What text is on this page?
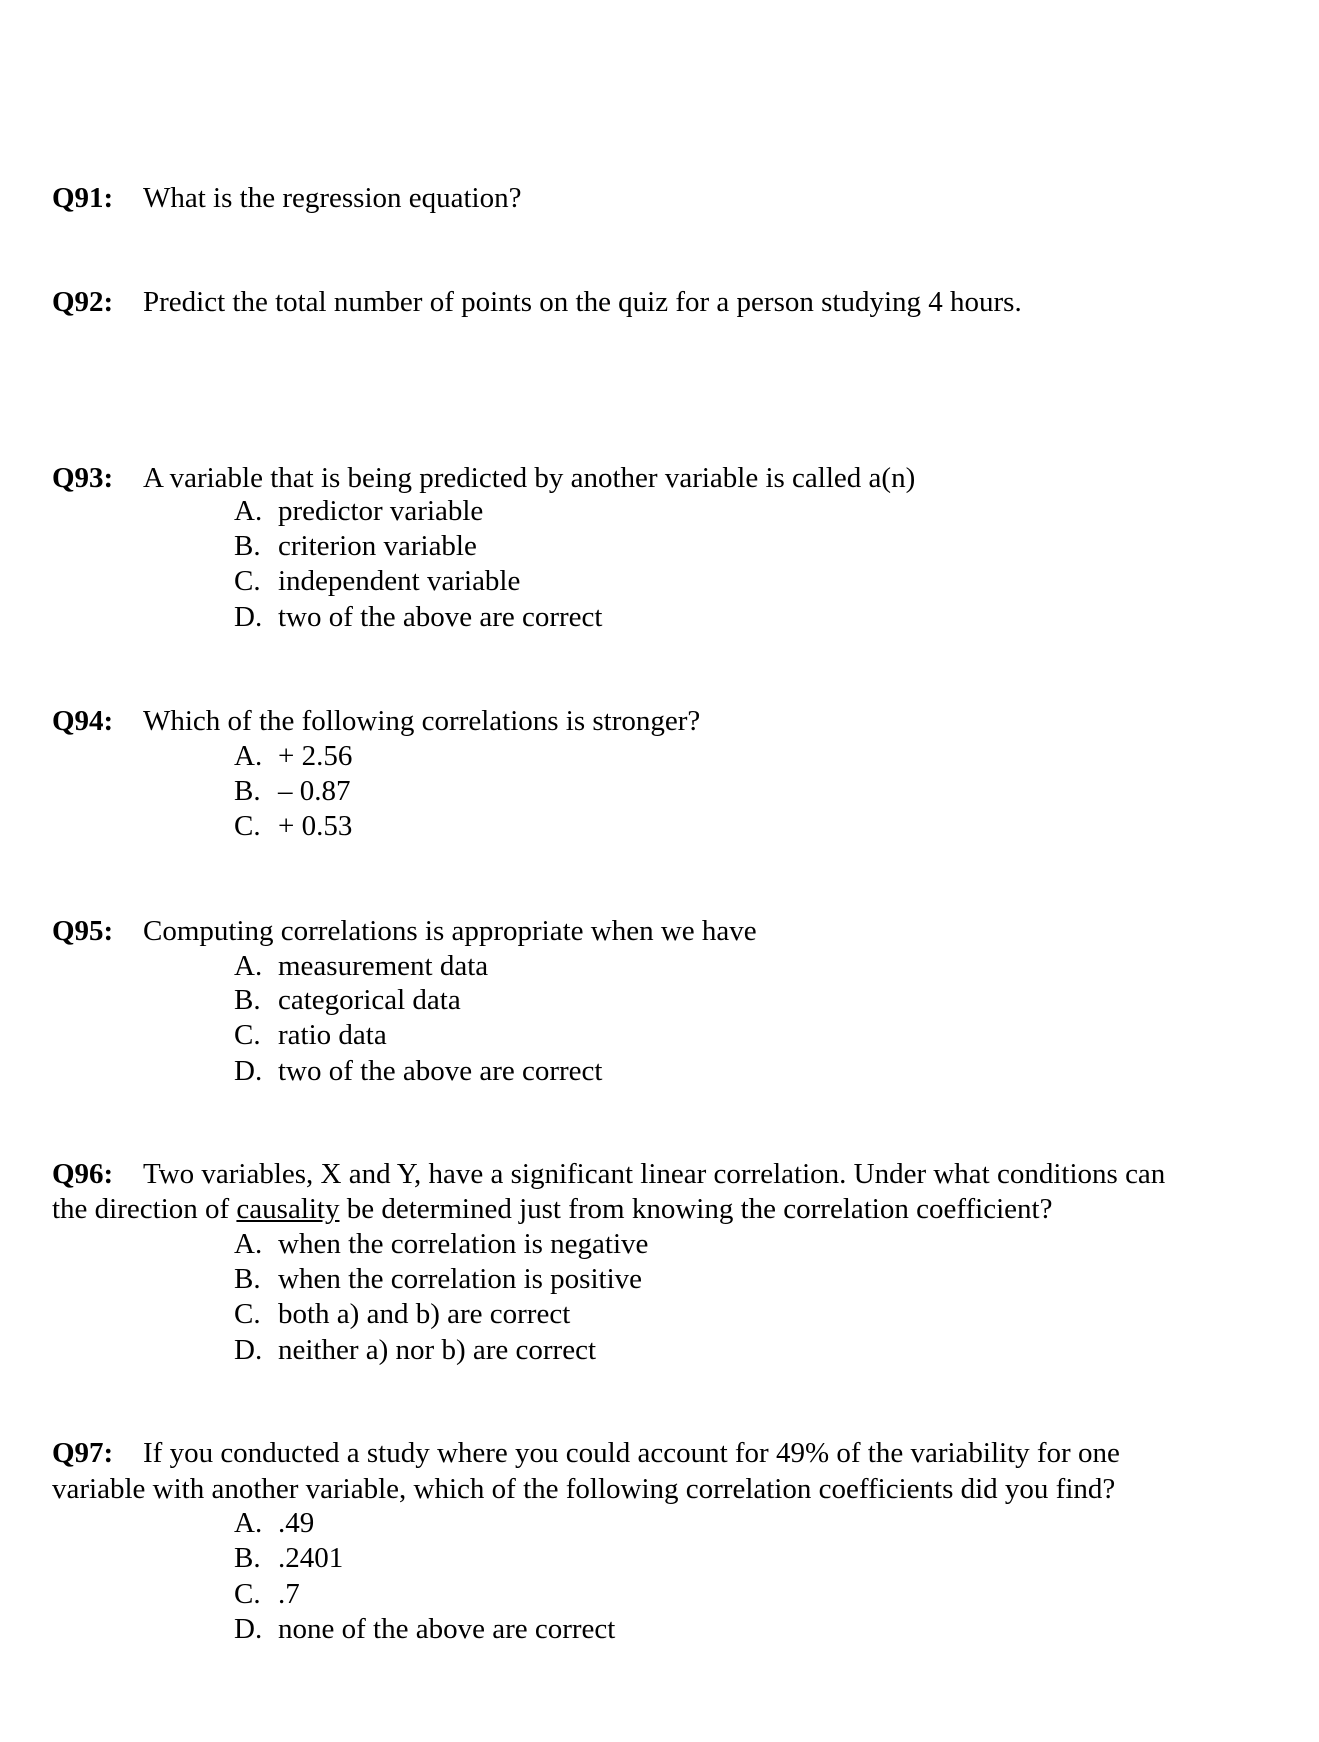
Q91: What is the regression equation?
Q92: Predict the total number of points on the quiz for a person studying 4 hours.
Q93: A variable that is being predicted by another variable is called a(n)
A. predictor variable
B. criterion variable
C. independent variable
D. two of the above are correct
Q94: Which of the following correlations is stronger?
A. + 2.56
B. – 0.87
C. + 0.53
Q95: Computing correlations is appropriate when we have
A. measurement data
B. categorical data
C. ratio data
D. two of the above are correct
Q96: Two variables, X and Y, have a significant linear correlation. Under what conditions can
the direction of causality be determined just from knowing the correlation coefficient?
A. when the correlation is negative
B. when the correlation is positive
C. both a) and b) are correct
D. neither a) nor b) are correct
Q97: If you conducted a study where you could account for 49% of the variability for one
variable with another variable, which of the following correlation coefficients did you find?
A. .49
B. .2401
C. .7
D. none of the above are correct
